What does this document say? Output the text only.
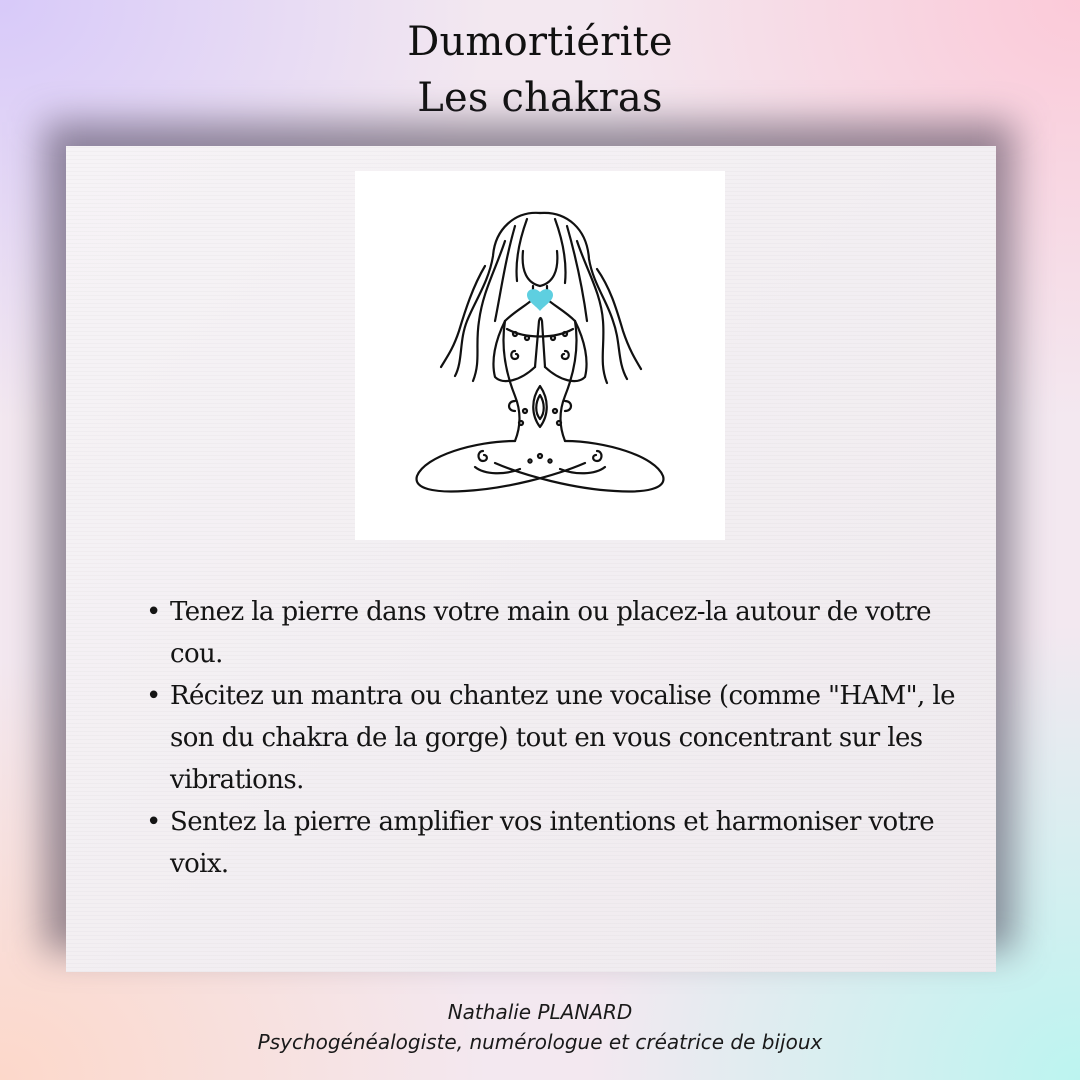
Dumortiérite
Les chakras
• Tenez la pierre dans votre main ou placez-la autour de votre cou.
• Récitez un mantra ou chantez une vocalise (comme "HAM", le son du chakra de la gorge) tout en vous concentrant sur les vibrations.
• Sentez la pierre amplifier vos intentions et harmoniser votre voix.
Nathalie PLANARD
Psychogénéalogiste, numérologue et créatrice de bijoux
